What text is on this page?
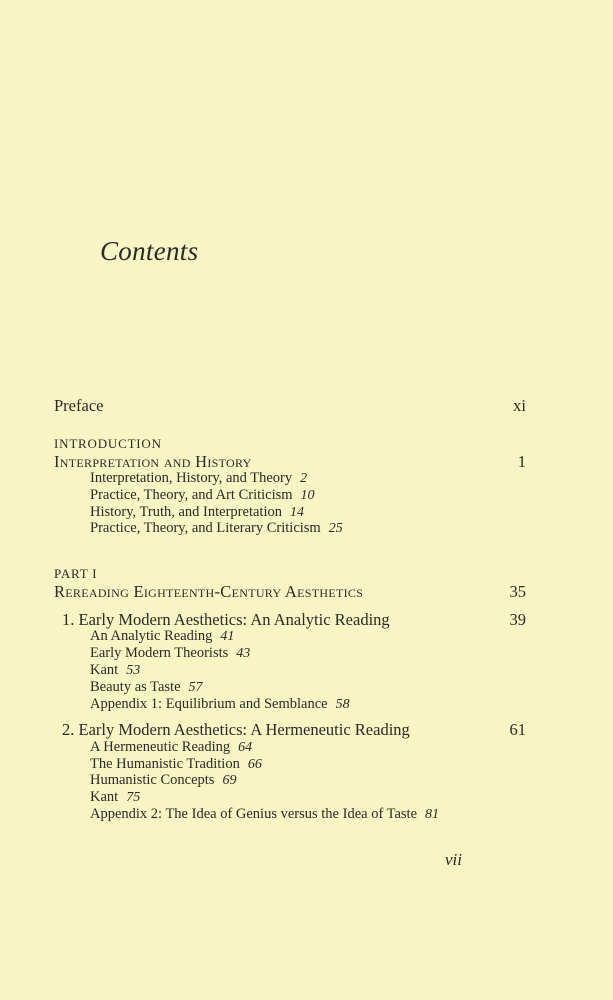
Contents
Preface	xi
INTRODUCTION
Interpretation and History	1
Interpretation, History, and Theory 2
Practice, Theory, and Art Criticism 10
History, Truth, and Interpretation 14
Practice, Theory, and Literary Criticism 25
PART I
Rereading Eighteenth-Century Aesthetics	35
1. Early Modern Aesthetics: An Analytic Reading	39
An Analytic Reading 41
Early Modern Theorists 43
Kant 53
Beauty as Taste 57
Appendix 1: Equilibrium and Semblance 58
2. Early Modern Aesthetics: A Hermeneutic Reading	61
A Hermeneutic Reading 64
The Humanistic Tradition 66
Humanistic Concepts 69
Kant 75
Appendix 2: The Idea of Genius versus the Idea of Taste 81
vii
